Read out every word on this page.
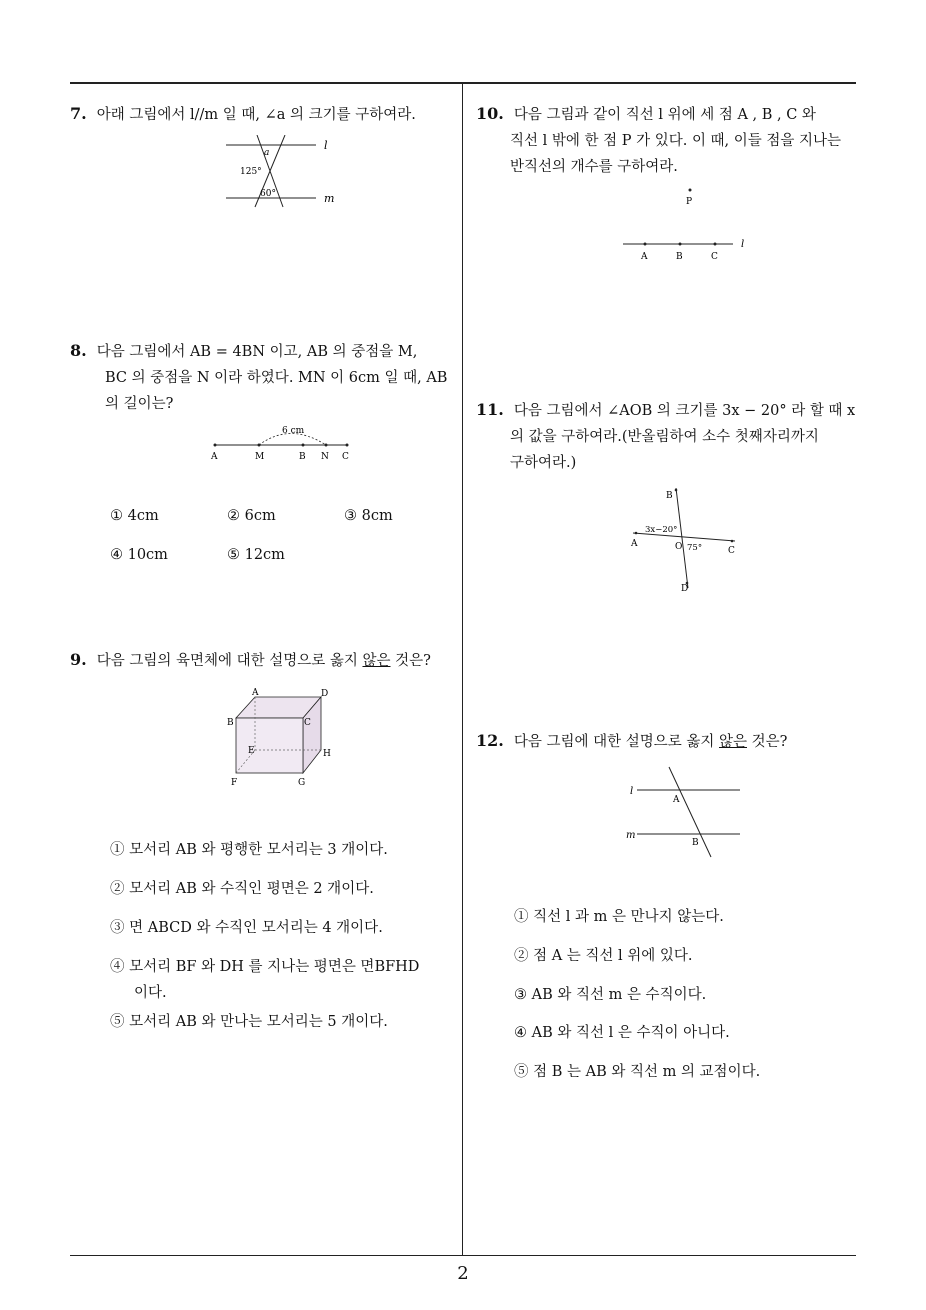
7. 아래 그림에서 l//m 일 때, ∠a 의 크기를 구하여라.
l
m
a
125°
60°
8. 다음 그림에서 AB = 4BN 이고, AB 의 중점을 M,
BC 의 중점을 N 이라 하였다. MN 이 6cm 일 때, AB
의 길이는?
6 cm
A	M	B N C
① 4cm	② 6cm	③ 8cm
④ 10cm	⑤ 12cm
9. 다음 그림의 육면체에 대한 설명으로 옳지 않은 것은?
A	D
B	C
E	H
F	G
① 모서리 AB 와 평행한 모서리는 3 개이다.
② 모서리 AB 와 수직인 평면은 2 개이다.
③ 면 ABCD 와 수직인 모서리는 4 개이다.
④ 모서리 BF 와 DH 를 지나는 평면은 면BFHD
이다.
⑤ 모서리 AB 와 만나는 모서리는 5 개이다.
10. 다음 그림과 같이 직선 l 위에 세 점 A , B , C 와
직선 l 밖에 한 점 P 가 있다. 이 때, 이들 점을 지나는
반직선의 개수를 구하여라.
P
A	B	C
l
11. 다음 그림에서 ∠AOB 의 크기를 3x − 20° 라 할 때 x
의 값을 구하여라.(반올림하여 소수 첫째자리까지
구하여라.)
B
A	O	C
D
3x−20°
75°
12. 다음 그림에 대한 설명으로 옳지 않은 것은?
l
m
A
B
① 직선 l 과 m 은 만나지 않는다.
② 점 A 는 직선 l 위에 있다.
③ AB 와 직선 m 은 수직이다.
④ AB 와 직선 l 은 수직이 아니다.
⑤ 점 B 는 AB 와 직선 m 의 교점이다.
2
